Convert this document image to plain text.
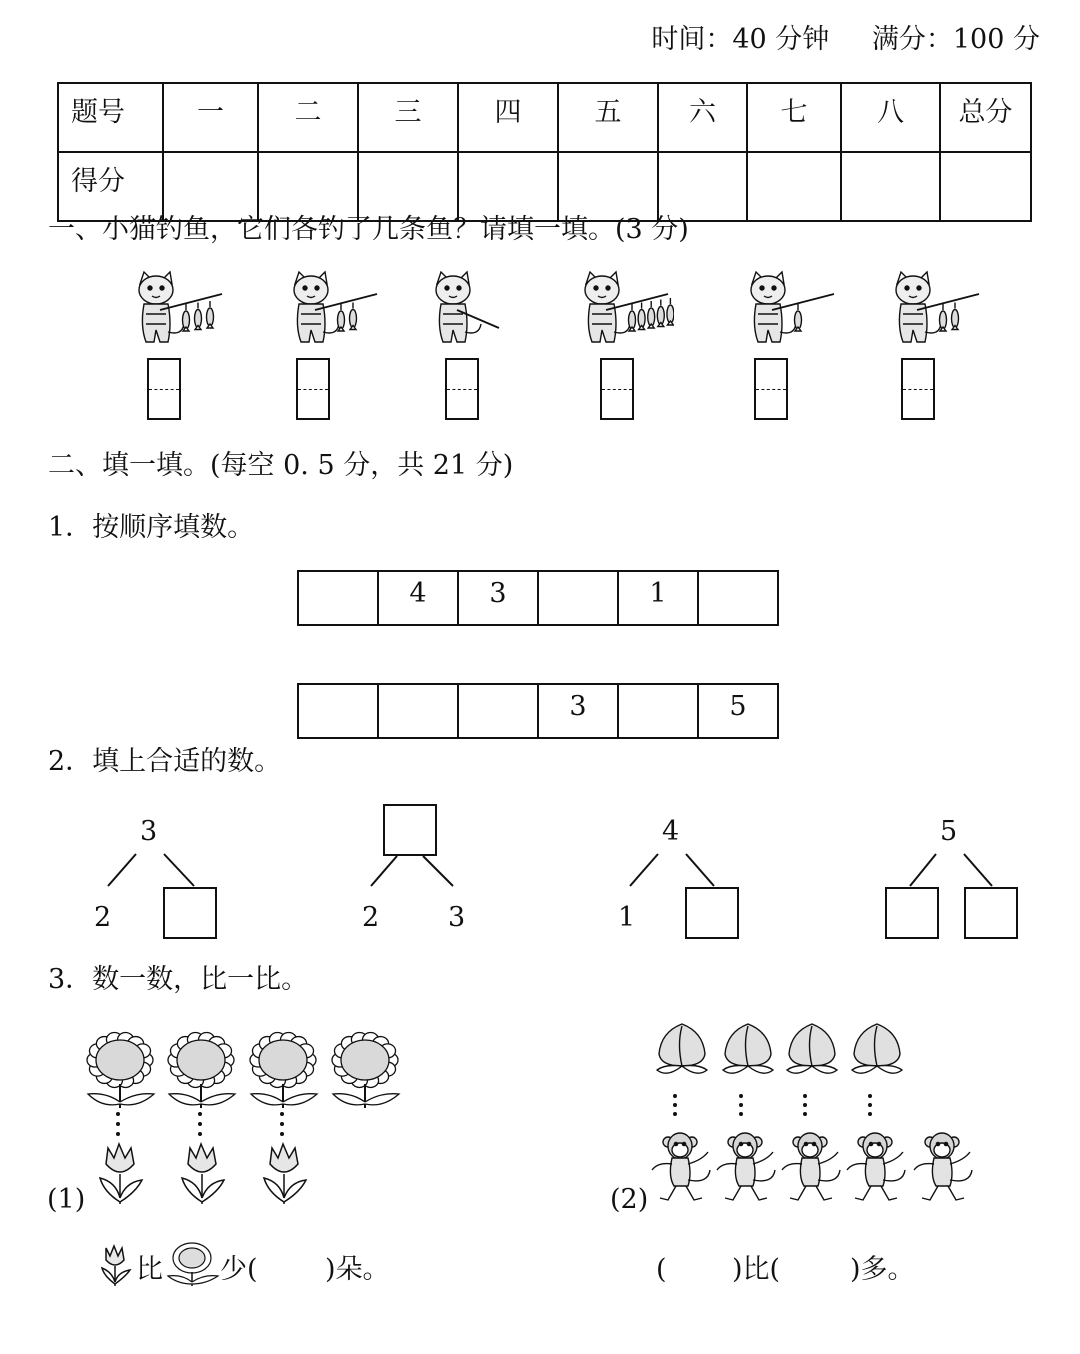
时间：40 分钟 满分：100 分
题号	一	二	三	四	五	六	七	八	总分
得分									
一、小猫钓鱼，它们各钓了几条鱼？请填一填。(3 分)
二、填一填。(每空 0. 5 分，共 21 分)
1．按顺序填数。
	4	3		1	
			3		5
2．填上合适的数。
3
2	2	3
4
1
5
3．数一数，比一比。
(1)
比 少( )朵。
(2)
( )比(	)多。
